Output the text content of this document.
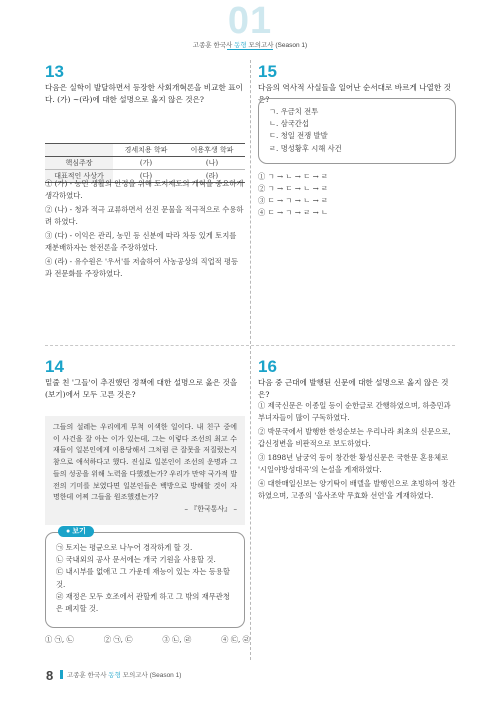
01
고종훈 한국사 동형 모의고사 (Season 1)
13
다음은 실학이 발달하면서 등장한 사회개혁론을 비교한 표이다. (가) ~(라)에 대한 설명으로 옳지 않은 것은?
	경세치용 학파	이용후생 학파
핵심주장	(가)	(나)
대표적인 사상가	(다)	(라)
① (가) - 농민 생활의 안정을 위해 토지제도의 개혁을 중요하게 생각하였다.
② (나) - 청과 적극 교류하면서 선진 문물을 적극적으로 수용하려 하였다.
③ (다) - 이익은 관리, 농민 등 신분에 따라 차등 있게 토지를 재분배하자는 한전론을 주장하였다.
④ (라) - 유수원은 '우서'를 저술하여 사농공상의 직업적 평등과 전문화를 주장하였다.
15
다음의 역사적 사실들을 일어난 순서대로 바르게 나열한 것은?
ㄱ. 우금치 전투
ㄴ. 삼국간섭
ㄷ. 청일 전쟁 발발
ㄹ. 명성황후 시해 사건
① ㄱ → ㄴ → ㄷ → ㄹ
② ㄱ → ㄷ → ㄴ → ㄹ
③ ㄷ → ㄱ → ㄴ → ㄹ
④ ㄷ → ㄱ → ㄹ → ㄴ
14
밑줄 친 '그들'이 추진했던 정책에 대한 설명으로 옳은 것을 (보기)에서 모두 고른 것은?
그들의 설레는 우리에게 무척 이색한 일이다. 내 친구 중에 이 사건을 잘 아는 이가 있는데, 그는 이렇다 조선의 최고 수재들이 일본인에게 이용당해서 그처럼 큰 잘못을 저질렀는지 참으로 애석하다고 했다. 진실로 일본인이 조선의 운명과 그들의 성공을 위해 노력을 다했겠는가? 우리가 만약 국가적 발전의 기미를 보였다면 일본인들은 백방으로 방해할 것이 자명한데 어찌 그들을 원조했겠는가?
– 『한국통사』 –
㉠ 토지는 평균으로 나누어 경작하게 할 것.
㉡ 국내외의 공사 문서에는 개국 기원을 사용할 것.
㉢ 내시부를 없애고 그 가운데 재능이 있는 자는 등용할 것.
㉣ 재정은 모두 호조에서 관할케 하고 그 밖의 재무관청은 폐지할 것.
● 보기
① ㉠, ㉡	② ㉠, ㉢	③ ㉡, ㉣	④ ㉢, ㉣
16
다음 중 근대에 발행된 신문에 대한 설명으로 옳지 않은 것은?
① 제국신문은 이종일 등이 순한글로 간행하였으며, 하층민과 부녀자들이 많이 구독하였다.
② 박문국에서 발행한 한성순보는 우리나라 최초의 신문으로, 갑신정변을 비판적으로 보도하였다.
③ 1898년 남궁억 등이 창간한 황성신문은 국한문 혼용체로 '시일야방성대곡'의 논설을 게재하였다.
④ 대한매일신보는 양기탁이 배델을 발행인으로 초빙하여 창간하였으며, 고종의 '을사조약 무효화 선언'을 게재하였다.
8 고종훈 한국사 동형 모의고사 (Season 1)
